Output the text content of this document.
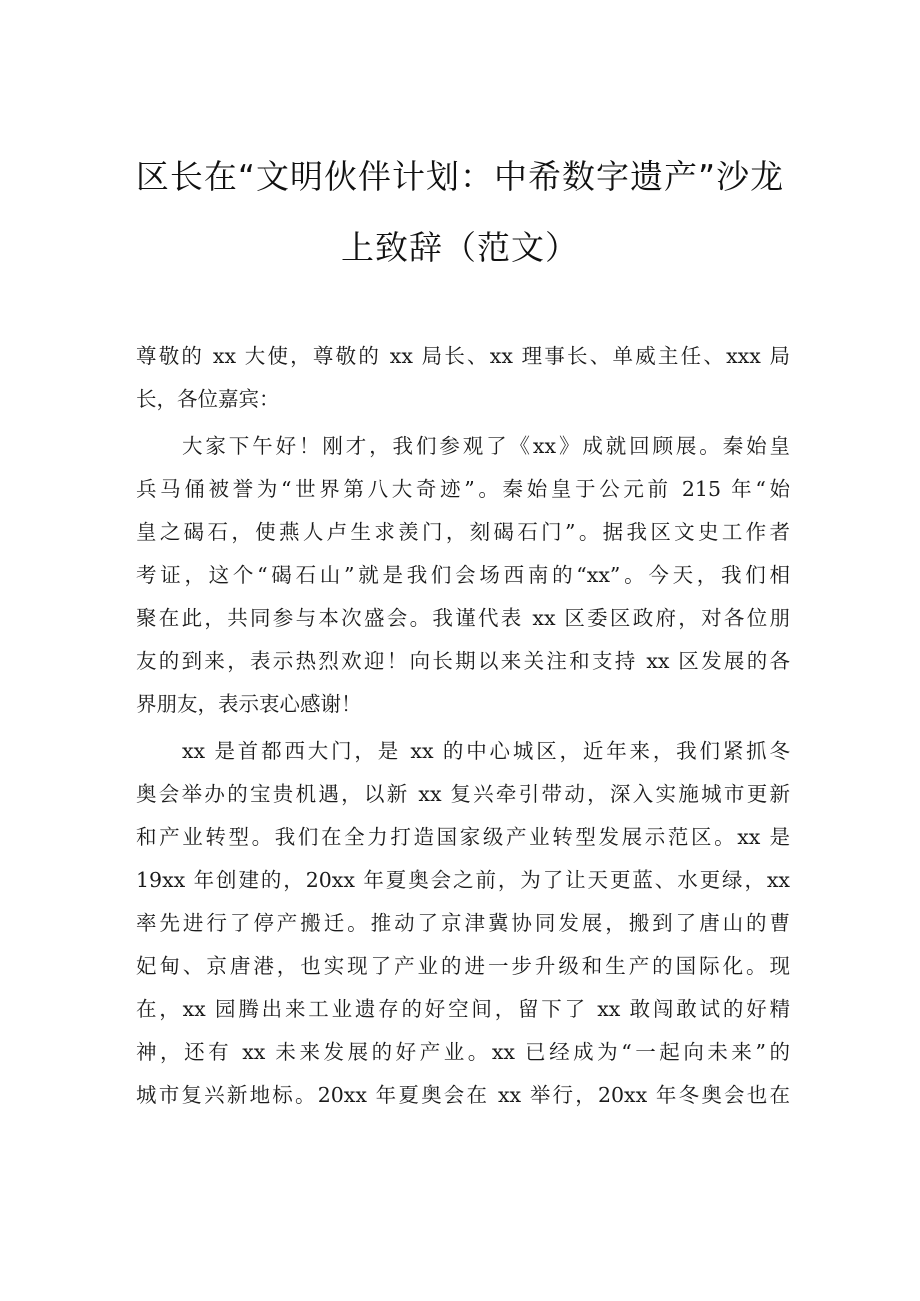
区长在“文明伙伴计划：中希数字遗产”沙龙
上致辞（范文）
尊敬的 xx 大使，尊敬的 xx 局长、xx 理事长、单威主任、xxx 局
长，各位嘉宾：
大家下午好！刚才，我们参观了《xx》成就回顾展。秦始皇
兵马俑被誉为“世界第八大奇迹”。秦始皇于公元前 215 年“始
皇之碣石，使燕人卢生求羡门，刻碣石门”。据我区文史工作者
考证，这个“碣石山”就是我们会场西南的“xx”。今天，我们相
聚在此，共同参与本次盛会。我谨代表 xx 区委区政府，对各位朋
友的到来，表示热烈欢迎！向长期以来关注和支持 xx 区发展的各
界朋友，表示衷心感谢！
xx 是首都西大门，是 xx 的中心城区，近年来，我们紧抓冬
奥会举办的宝贵机遇，以新 xx 复兴牵引带动，深入实施城市更新
和产业转型。我们在全力打造国家级产业转型发展示范区。xx 是
19xx 年创建的，20xx 年夏奥会之前，为了让天更蓝、水更绿，xx
率先进行了停产搬迁。推动了京津冀协同发展，搬到了唐山的曹
妃甸、京唐港，也实现了产业的进一步升级和生产的国际化。现
在，xx 园腾出来工业遗存的好空间，留下了 xx 敢闯敢试的好精
神，还有 xx 未来发展的好产业。xx 已经成为“一起向未来”的
城市复兴新地标。20xx 年夏奥会在 xx 举行，20xx 年冬奥会也在
